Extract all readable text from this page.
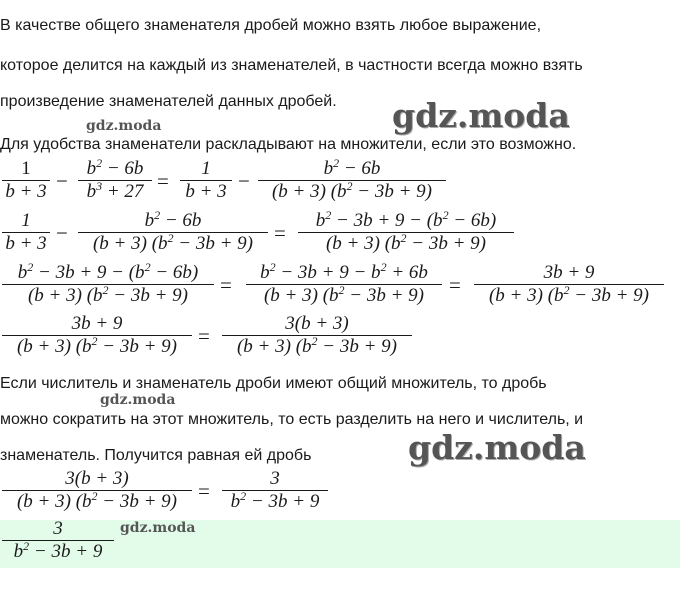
В качестве общего знаменателя дробей можно взять любое выражение,
которое делится на каждый из знаменателей, в частности всегда можно взять
произведение знаменателей данных дробей.
Для удобства знаменатели раскладывают на множители, если это возможно.
$\frac{1}{b + 3} - \frac{b^2 - 6b}{b^3 + 27} = \frac{1}{b + 3} - \frac{b^2 - 6b}{(b + 3) (b^2 - 3b + 9)}$
$\frac{1}{b + 3} - \frac{b^2 - 6b}{(b + 3) (b^2 - 3b + 9)} = \frac{b^2 - 3b + 9 - (b^2 - 6b)}{(b + 3) (b^2 - 3b + 9)}$
$\frac{b^2 - 3b + 9 - (b^2 - 6b)}{(b + 3) (b^2 - 3b + 9)} = \frac{b^2 - 3b + 9 - b^2 + 6b}{(b + 3) (b^2 - 3b + 9)} = \frac{3b + 9}{(b + 3) (b^2 - 3b + 9)}$
$\frac{3b + 9}{(b + 3) (b^2 - 3b + 9)} = \frac{3(b + 3)}{(b + 3) (b^2 - 3b + 9)}$
Если числитель и знаменатель дроби имеют общий множитель, то дробь
можно сократить на этот множитель, то есть разделить на него и числитель, и
знаменатель. Получится равная ей дробь
$\frac{3(b + 3)}{(b + 3) (b^2 - 3b + 9)} = \frac{3}{b^2 - 3b + 9}$
$\frac{3}{b^2 - 3b + 9}$
gdz.moda
gdz.moda
gdz.moda
gdz.moda
gdz.moda
